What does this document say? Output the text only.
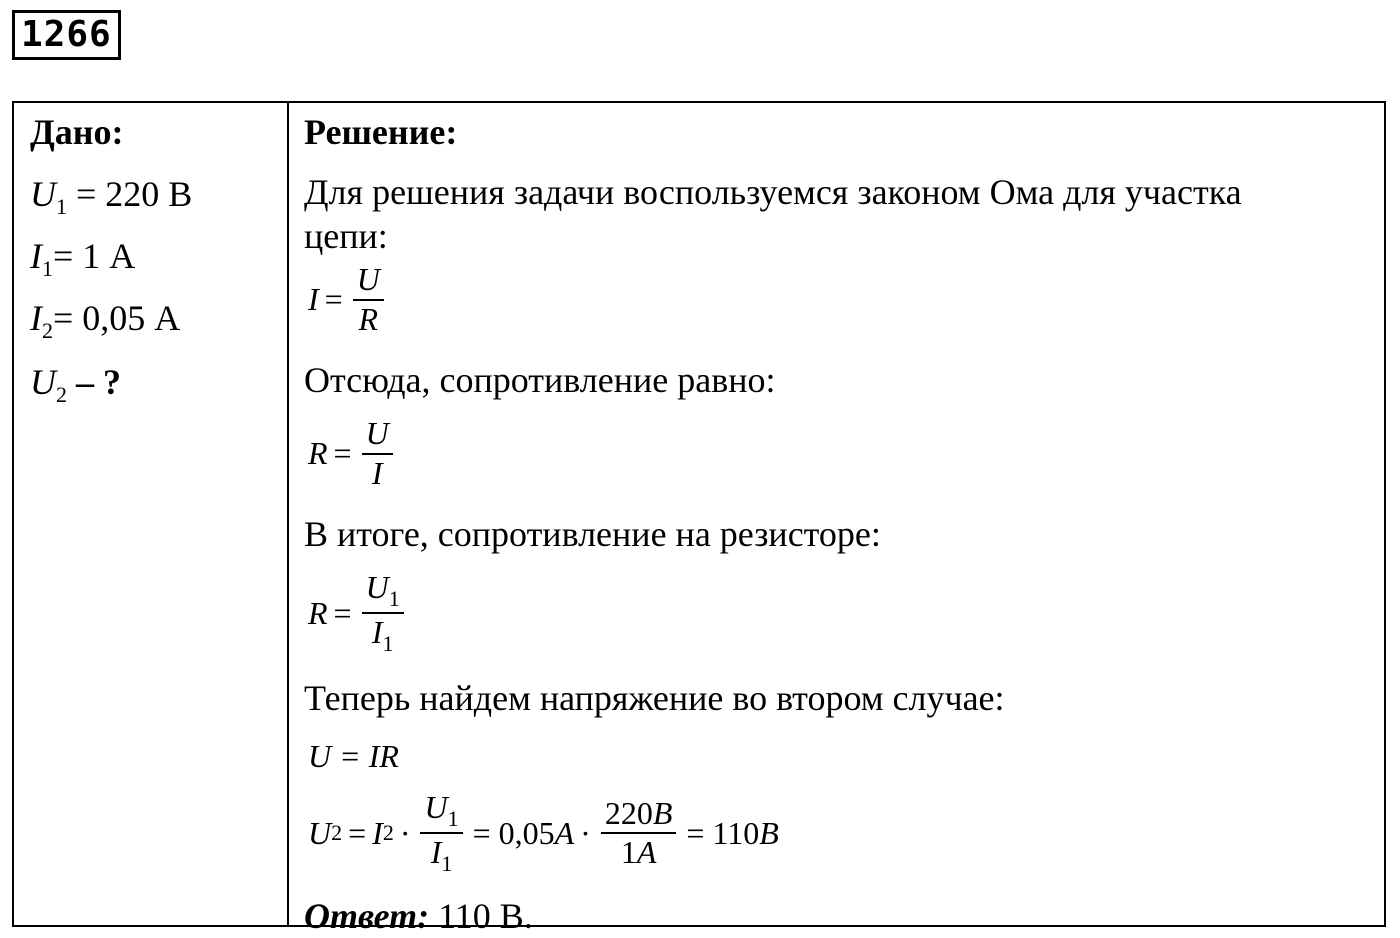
1266
Дано:
$U_1 = 220$ В
$I_1= 1$ А
$I_2= 0,05$ А
$U_2$ – ?
Решение:
Для решения задачи воспользуемся законом Ома для участка
цепи:
$I = \frac{U}{R}$
Отсюда, сопротивление равно:
$R = \frac{U}{I}$
В итоге, сопротивление на резисторе:
$R = \frac{U_1}{I_1}$
Теперь найдем напряжение во втором случае:
U = IR
U 2 = I $2 \cdot \frac{U_1}{I_1} = 0,05$ $A \cdot \frac{220B}{1A} = 110$ B
Ответ: 110 В.
